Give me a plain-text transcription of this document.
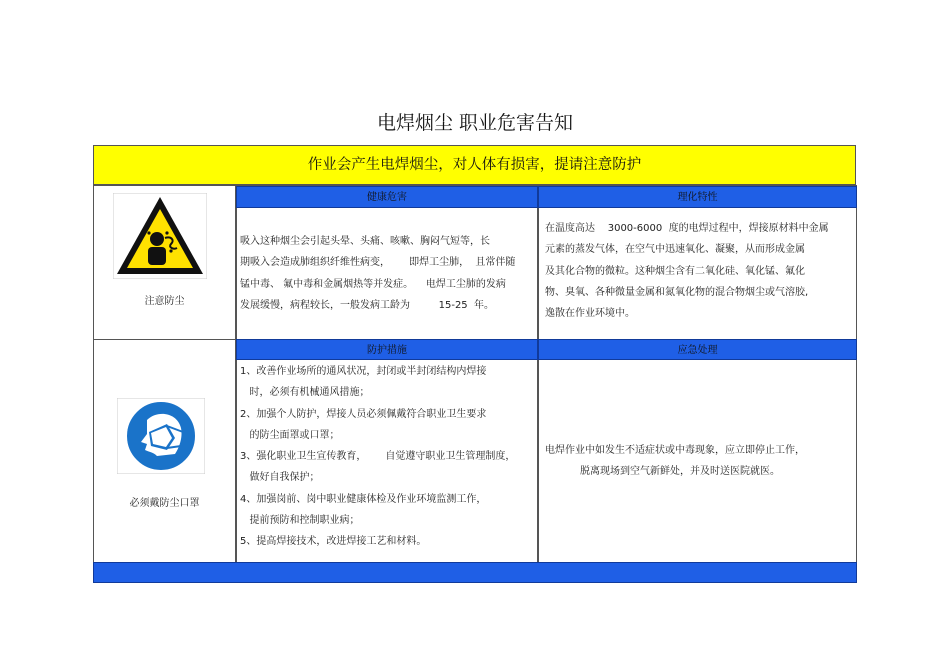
电焊烟尘 职业危害告知
作业会产生电焊烟尘，对人体有损害，提请注意防护
健康危害	理化特性
注意防尘
吸入这种烟尘会引起头晕、头痛、咳嗽、胸闷气短等，长
期吸入会造成肺组织纤维性病变，      即焊工尘肺，  且常伴随
锰中毒、 氟中毒和金属烟热等并发症。    电焊工尘肺的发病
发展缓慢，病程较长，一般发病工龄为         15-25  年。
在温度高达    3000-6000  度的电焊过程中，焊接原材料中金属
元素的蒸发气体，在空气中迅速氧化、凝聚，从而形成金属
及其化合物的微粒。这种烟尘含有二氧化硅、氧化锰、氟化
物、臭氧、各种微量金属和氮氧化物的混合物烟尘或气溶胶,
逸散在作业环境中。
防护措施	应急处理
必须戴防尘口罩
1、改善作业场所的通风状况，封闭或半封闭结构内焊接
时，必须有机械通风措施；
2、加强个人防护，焊接人员必须佩戴符合职业卫生要求
的防尘面罩或口罩；
3、强化职业卫生宣传教育，      自觉遵守职业卫生管理制度，
做好自我保护；
4、加强岗前、岗中职业健康体检及作业环境监测工作，
提前预防和控制职业病；
5、提高焊接技术，改进焊接工艺和材料。
电焊作业中如发生不适症状或中毒现象，应立即停止工作，
脱离现场到空气新鲜处，并及时送医院就医。
